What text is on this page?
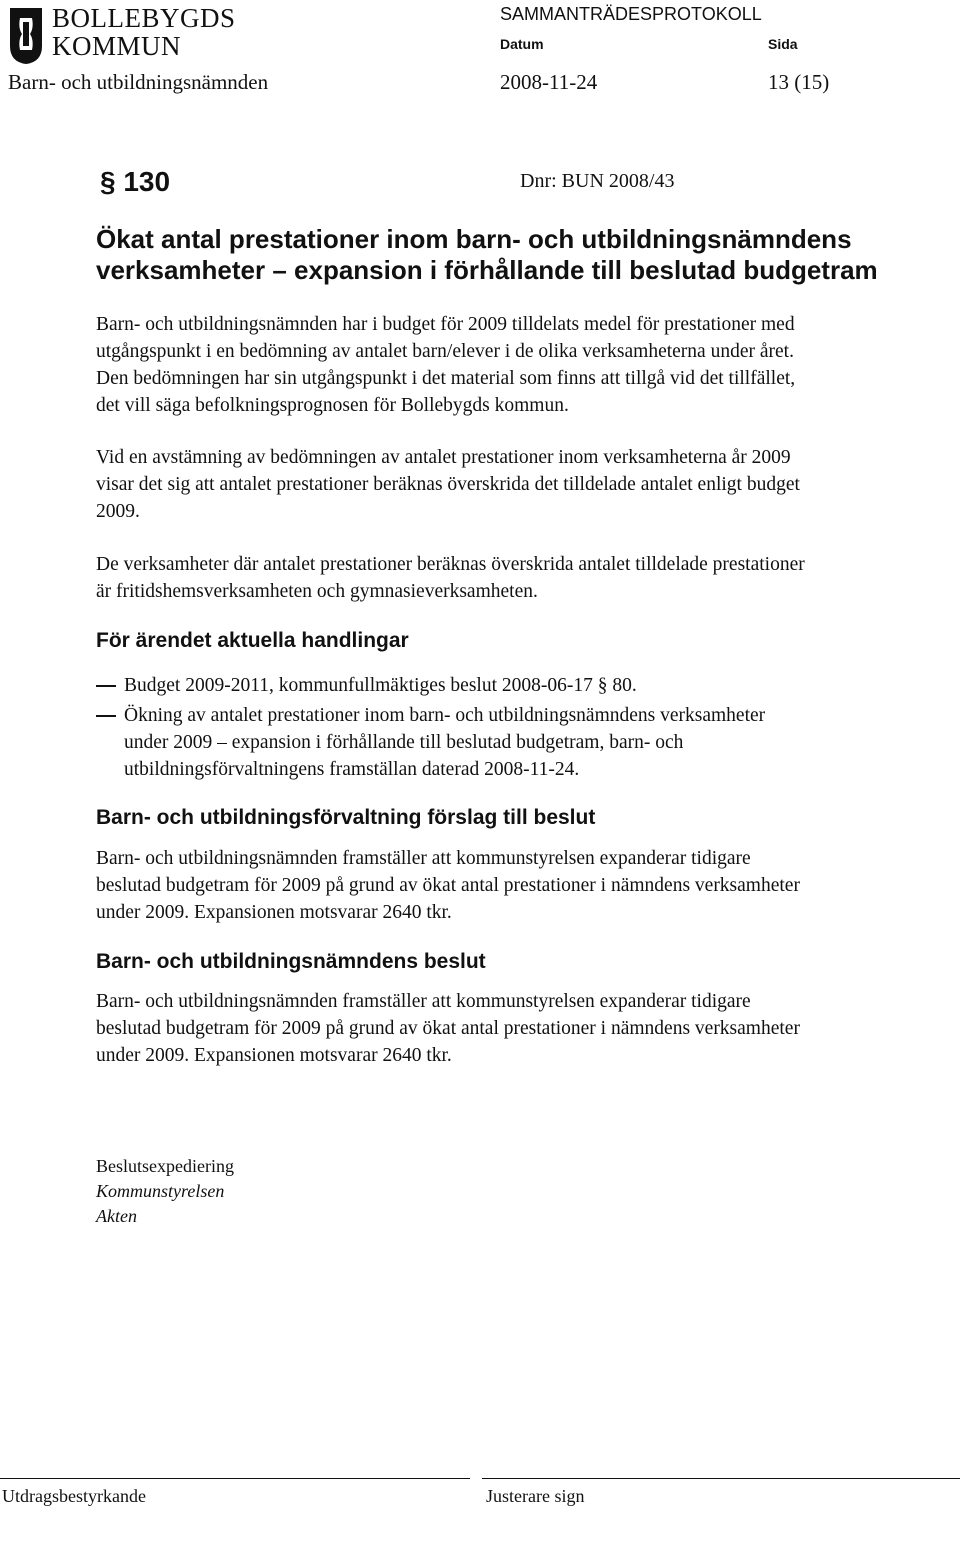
BOLLEBYGDS
KOMMUN
SAMMANTRÄDESPROTOKOLL
Datum	Sida
Barn- och utbildningsnämnden	2008-11-24	13 (15)
§ 130	Dnr: BUN 2008/43
Ökat antal prestationer inom barn- och utbildningsnämndens
verksamheter – expansion i förhållande till beslutad budgetram
Barn- och utbildningsnämnden har i budget för 2009 tilldelats medel för prestationer med
utgångspunkt i en bedömning av antalet barn/elever i de olika verksamheterna under året.
Den bedömningen har sin utgångspunkt i det material som finns att tillgå vid det tillfället,
det vill säga befolkningsprognosen för Bollebygds kommun.
Vid en avstämning av bedömningen av antalet prestationer inom verksamheterna år 2009
visar det sig att antalet prestationer beräknas överskrida det tilldelade antalet enligt budget
2009.
De verksamheter där antalet prestationer beräknas överskrida antalet tilldelade prestationer
är fritidshemsverksamheten och gymnasieverksamheten.
För ärendet aktuella handlingar
Budget 2009-2011, kommunfullmäktiges beslut 2008-06-17 § 80.
Ökning av antalet prestationer inom barn- och utbildningsnämndens verksamheter
under 2009 – expansion i förhållande till beslutad budgetram, barn- och
utbildningsförvaltningens framställan daterad 2008-11-24.
Barn- och utbildningsförvaltning förslag till beslut
Barn- och utbildningsnämnden framställer att kommunstyrelsen expanderar tidigare
beslutad budgetram för 2009 på grund av ökat antal prestationer i nämndens verksamheter
under 2009. Expansionen motsvarar 2640 tkr.
Barn- och utbildningsnämndens beslut
Barn- och utbildningsnämnden framställer att kommunstyrelsen expanderar tidigare
beslutad budgetram för 2009 på grund av ökat antal prestationer i nämndens verksamheter
under 2009. Expansionen motsvarar 2640 tkr.
Beslutsexpediering
Kommunstyrelsen
Akten
Utdragsbestyrkande	Justerare sign
